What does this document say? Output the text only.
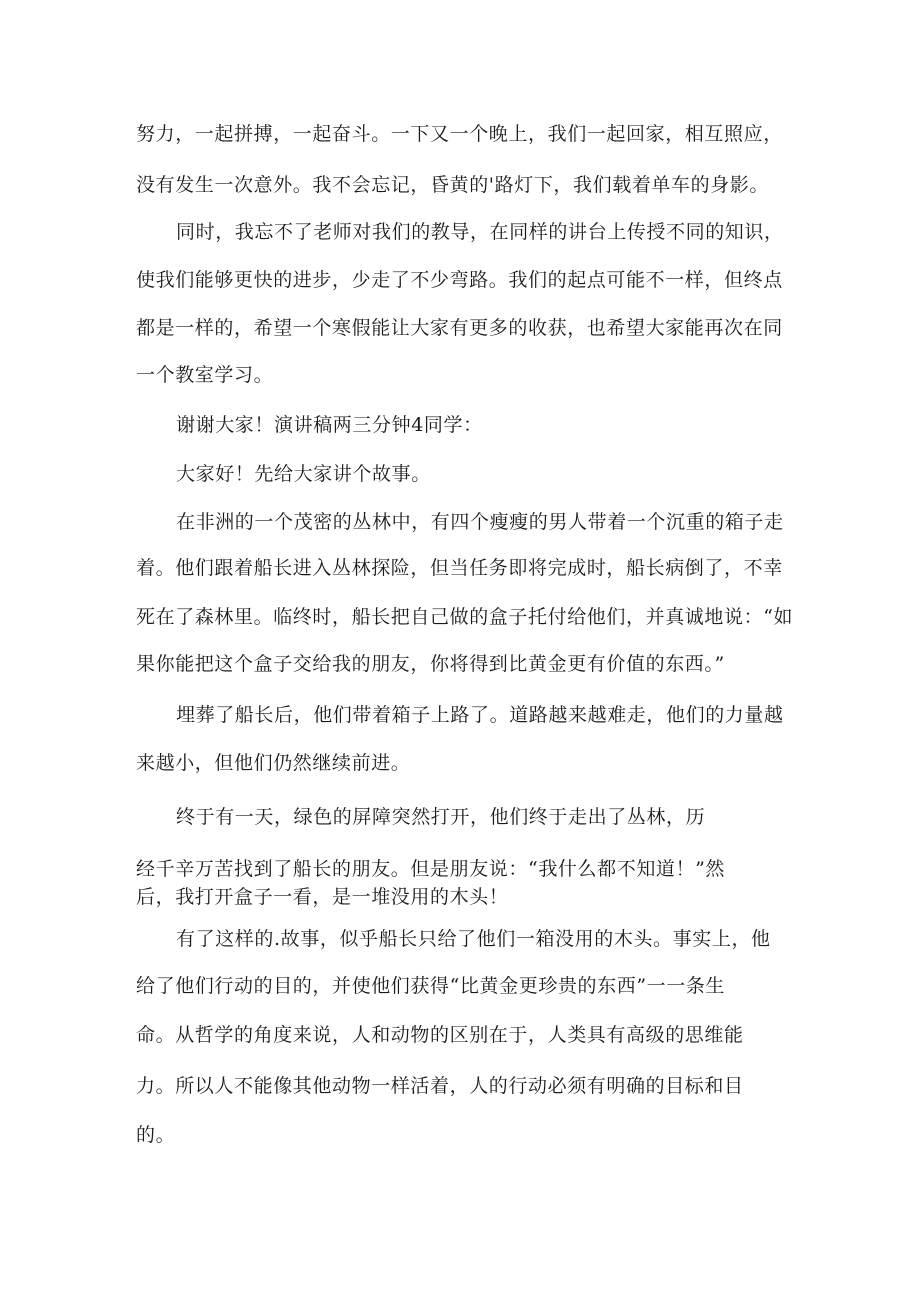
努力，一起拼搏，一起奋斗。一下又一个晚上，我们一起回家，相互照应，

没有发生一次意外。我不会忘记，昏黄的'路灯下，我们载着单车的身影。

同时，我忘不了老师对我们的教导，在同样的讲台上传授不同的知识，

使我们能够更快的进步，少走了不少弯路。我们的起点可能不一样，但终点

都是一样的，希望一个寒假能让大家有更多的收获，也希望大家能再次在同

一个教室学习。

谢谢大家！演讲稿两三分钟4同学：

大家好！先给大家讲个故事。

在非洲的一个茂密的丛林中，有四个瘦瘦的男人带着一个沉重的箱子走

着。他们跟着船长进入丛林探险，但当任务即将完成时，船长病倒了，不幸

死在了森林里。临终时，船长把自己做的盒子托付给他们，并真诚地说：“如

果你能把这个盒子交给我的朋友，你将得到比黄金更有价值的东西。”

埋葬了船长后，他们带着箱子上路了。道路越来越难走，他们的力量越

来越小，但他们仍然继续前进。

终于有一天，绿色的屏障突然打开，他们终于走出了丛林，历

经千辛万苦找到了船长的朋友。但是朋友说：“我什么都不知道！”然

后，我打开盒子一看，是一堆没用的木头！

有了这样的.故事，似乎船长只给了他们一箱没用的木头。事实上，他

给了他们行动的目的，并使他们获得“比黄金更珍贵的东西”一一条生

命。从哲学的角度来说，人和动物的区别在于，人类具有高级的思维能

力。所以人不能像其他动物一样活着，人的行动必须有明确的目标和目

的。
